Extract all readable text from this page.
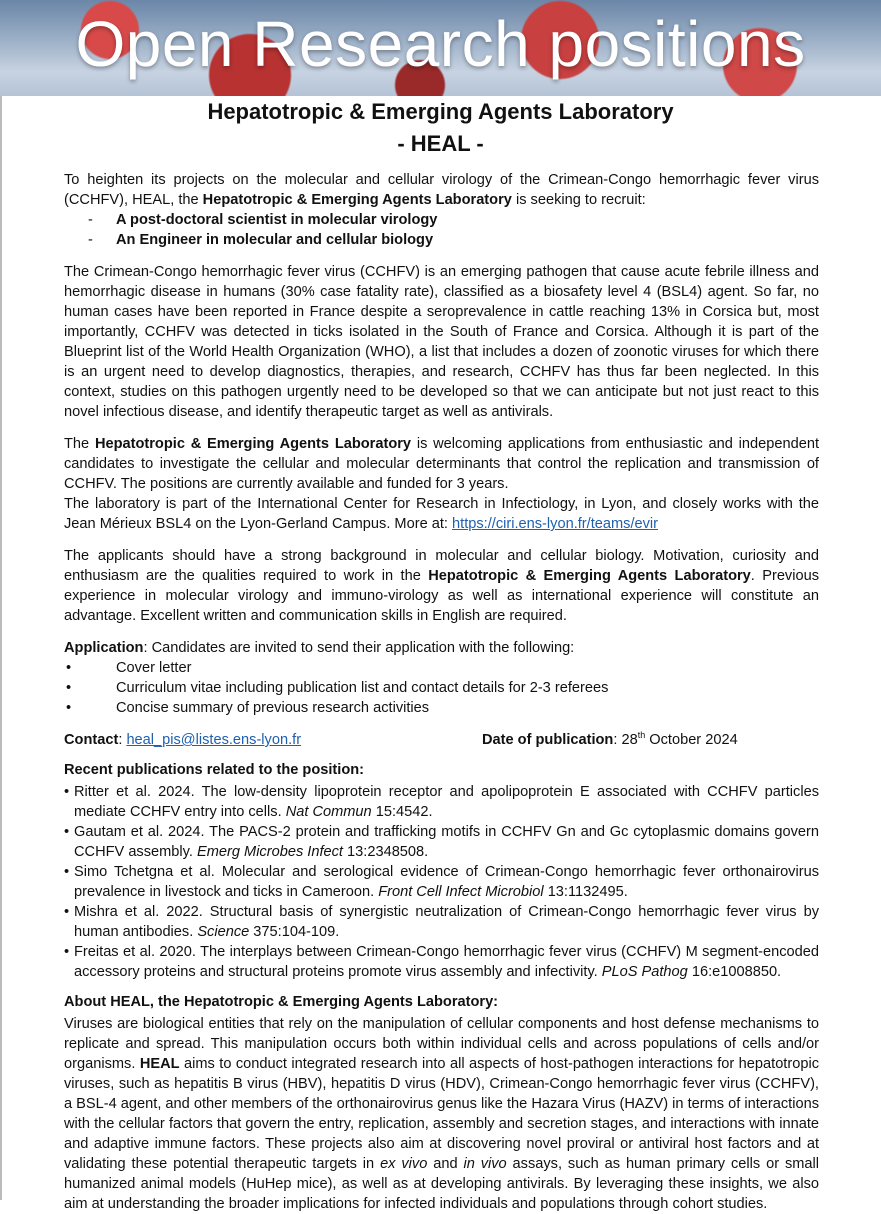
Open Research positions
Hepatotropic & Emerging Agents Laboratory
- HEAL -

To heighten its projects on the molecular and cellular virology of the Crimean-Congo hemorrhagic fever virus (CCHFV), HEAL, the Hepatotropic & Emerging Agents Laboratory is seeking to recruit:

- A post-doctoral scientist in molecular virology
- An Engineer in molecular and cellular biology

The Crimean-Congo hemorrhagic fever virus (CCHFV) is an emerging pathogen that cause acute febrile illness and hemorrhagic disease in humans (30% case fatality rate), classified as a biosafety level 4 (BSL4) agent. So far, no human cases have been reported in France despite a seroprevalence in cattle reaching 13% in Corsica but, most importantly, CCHFV was detected in ticks isolated in the South of France and Corsica. Although it is part of the Blueprint list of the World Health Organization (WHO), a list that includes a dozen of zoonotic viruses for which there is an urgent need to develop diagnostics, therapies, and research, CCHFV has thus far been neglected. In this context, studies on this pathogen urgently need to be developed so that we can anticipate but not just react to this novel infectious disease, and identify therapeutic target as well as antivirals.

The Hepatotropic & Emerging Agents Laboratory is welcoming applications from enthusiastic and independent candidates to investigate the cellular and molecular determinants that control the replication and transmission of CCHFV. The positions are currently available and funded for 3 years.
The laboratory is part of the International Center for Research in Infectiology, in Lyon, and closely works with the Jean Mérieux BSL4 on the Lyon-Gerland Campus. More at: https://ciri.ens-lyon.fr/teams/evir

The applicants should have a strong background in molecular and cellular biology. Motivation, curiosity and enthusiasm are the qualities required to work in the Hepatotropic & Emerging Agents Laboratory. Previous experience in molecular virology and immuno-virology as well as international experience will constitute an advantage. Excellent written and communication skills in English are required.

Application: Candidates are invited to send their application with the following:

•	Cover letter
•	Curriculum vitae including publication list and contact details for 2-3 referees
•	Concise summary of previous research activities
Contact: heal_pis@listes.ens-lyon.fr	Date of publication: 28th October 2024
Recent publications related to the position:
• Ritter et al. 2024. The low-density lipoprotein receptor and apolipoprotein E associated with CCHFV particles mediate CCHFV entry into cells. Nat Commun 15:4542.
• Gautam et al. 2024. The PACS-2 protein and trafficking motifs in CCHFV Gn and Gc cytoplasmic domains govern CCHFV assembly. Emerg Microbes Infect 13:2348508.
• Simo Tchetgna et al. Molecular and serological evidence of Crimean-Congo hemorrhagic fever orthonairovirus prevalence in livestock and ticks in Cameroon. Front Cell Infect Microbiol 13:1132495.
• Mishra et al. 2022. Structural basis of synergistic neutralization of Crimean-Congo hemorrhagic fever virus by human antibodies. Science 375:104-109.
• Freitas et al. 2020. The interplays between Crimean-Congo hemorrhagic fever virus (CCHFV) M segment-encoded accessory proteins and structural proteins promote virus assembly and infectivity. PLoS Pathog 16:e1008850.
About HEAL, the Hepatotropic & Emerging Agents Laboratory:

Viruses are biological entities that rely on the manipulation of cellular components and host defense mechanisms to replicate and spread. This manipulation occurs both within individual cells and across populations of cells and/or organisms. HEAL aims to conduct integrated research into all aspects of host-pathogen interactions for hepatotropic viruses, such as hepatitis B virus (HBV), hepatitis D virus (HDV), Crimean-Congo hemorrhagic fever virus (CCHFV), a BSL-4 agent, and other members of the orthonairovirus genus like the Hazara Virus (HAZV) in terms of interactions with the cellular factors that govern the entry, replication, assembly and secretion stages, and interactions with innate and adaptive immune factors. These projects also aim at discovering novel proviral or antiviral host factors and at validating these potential therapeutic targets in ex vivo and in vivo assays, such as human primary cells or small humanized animal models (HuHep mice), as well as at developing antivirals. By leveraging these insights, we also aim at understanding the broader implications for infected individuals and populations through cohort studies.
